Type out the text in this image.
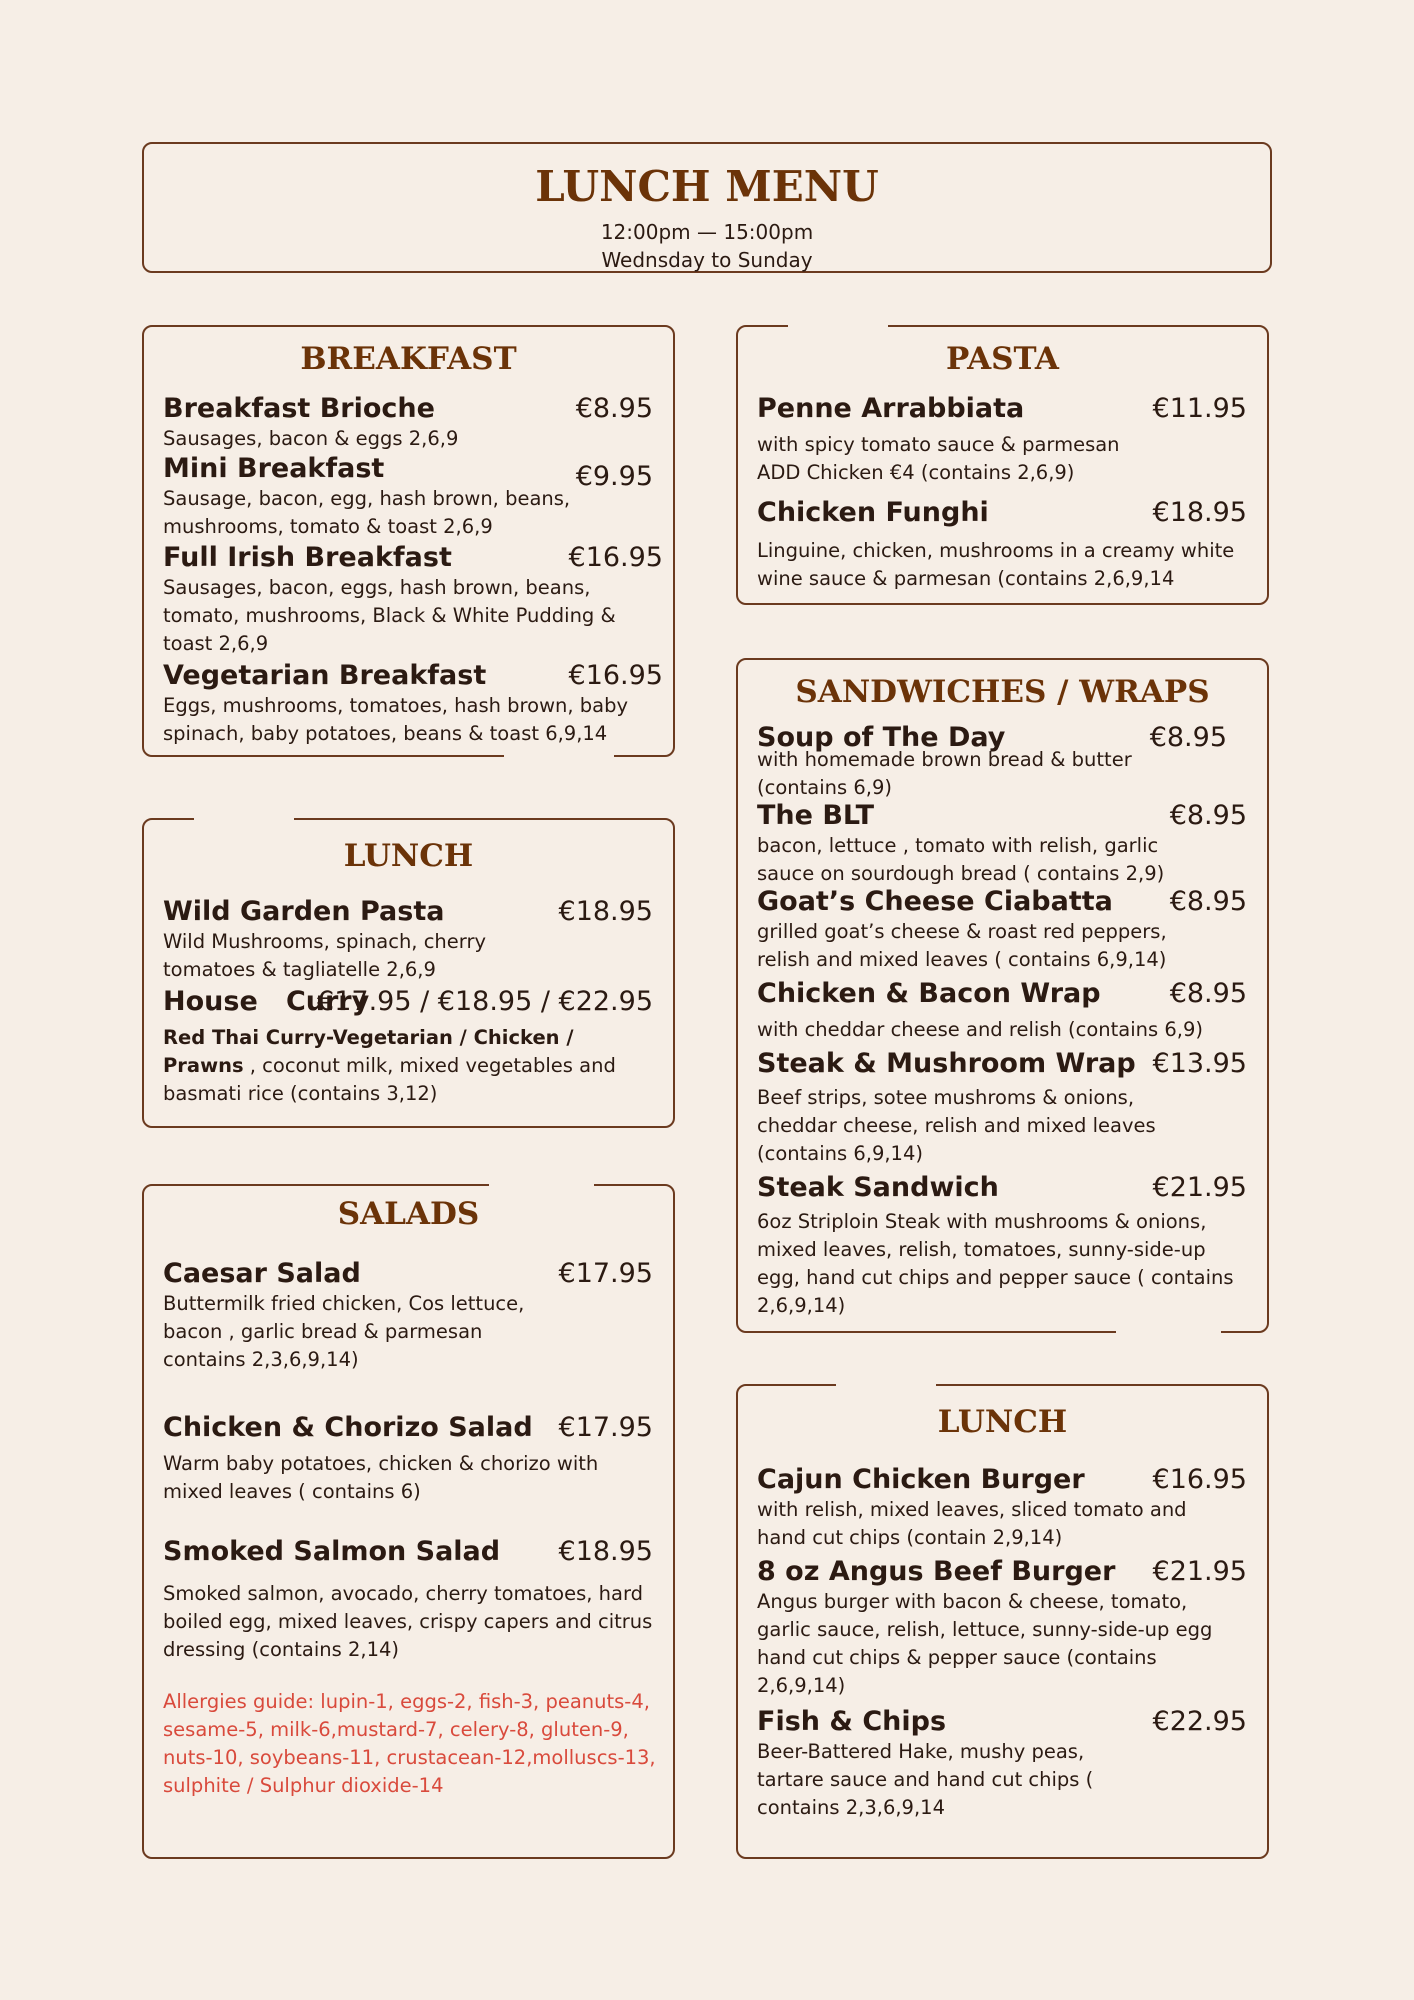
LUNCH MENU
12:00pm — 15:00pm
Wednsday to Sunday
BREAKFAST
Breakfast Brioche	€8.95

Sausages, bacon & eggs 2,6,9

Mini Breakfast	€9.95

Sausage, bacon, egg, hash brown, beans, mushrooms, tomato & toast 2,6,9

Full Irish Breakfast	€16.95

Sausages, bacon, eggs, hash brown, beans, tomato, mushrooms, Black & White Pudding & toast 2,6,9

Vegetarian Breakfast	€16.95

Eggs, mushrooms, tomatoes, hash brown, baby spinach, baby potatoes, beans & toast 6,9,14

LUNCH
Wild Garden Pasta	€18.95

Wild Mushrooms, spinach, cherry tomatoes & tagliatelle 2,6,9

House   Curry
€17.95 / €18.95 / €22.95

Red Thai Curry-Vegetarian / Chicken / Prawns , coconut milk, mixed vegetables and basmati rice (contains 3,12)

SALADS
Caesar Salad	€17.95

Buttermilk fried chicken, Cos lettuce, bacon , garlic bread & parmesan contains 2,3,6,9,14)

Chicken & Chorizo Salad €17.95

Warm baby potatoes, chicken & chorizo with mixed leaves ( contains 6)

Smoked Salmon Salad	€18.95

Smoked salmon, avocado, cherry tomatoes, hard boiled egg, mixed leaves, crispy capers and citrus dressing (contains 2,14)

Allergies guide: lupin-1, eggs-2, fish-3, peanuts-4, sesame-5, milk-6,mustard-7, celery-8, gluten-9, nuts-10, soybeans-11, crustacean-12,molluscs-13, sulphite / Sulphur dioxide-14

PASTA
Penne Arrabbiata	€11.95

with spicy tomato sauce & parmesan ADD Chicken €4 (contains 2,6,9)

Chicken Funghi	€18.95

Linguine, chicken, mushrooms in a creamy white wine sauce & parmesan (contains 2,6,9,14

SANDWICHES / WRAPS
Soup of The Day	€8.95

with homemade brown bread & butter (contains 6,9)

The BLT	€8.95

bacon, lettuce , tomato with relish, garlic sauce on sourdough bread ( contains 2,9)

Goat’s Cheese Ciabatta	€8.95

grilled goat’s cheese & roast red peppers, relish and mixed leaves ( contains 6,9,14)

Chicken & Bacon Wrap	€8.95

with cheddar cheese and relish (contains 6,9)

Steak & Mushroom Wrap €13.95

Beef strips, sotee mushroms & onions, cheddar cheese, relish and mixed leaves (contains 6,9,14)

Steak Sandwich	€21.95

6oz Striploin Steak with mushrooms & onions, mixed leaves, relish, tomatoes, sunny-side-up egg, hand cut chips and pepper sauce ( contains 2,6,9,14)

LUNCH
Cajun Chicken Burger	€16.95

with relish, mixed leaves, sliced tomato and hand cut chips (contain 2,9,14)

8 oz Angus Beef Burger	€21.95

Angus burger with bacon & cheese, tomato, garlic sauce, relish, lettuce, sunny-side-up egg hand cut chips & pepper sauce (contains 2,6,9,14)

Fish & Chips	€22.95

Beer-Battered Hake, mushy peas, tartare sauce and hand cut chips ( contains 2,3,6,9,14
